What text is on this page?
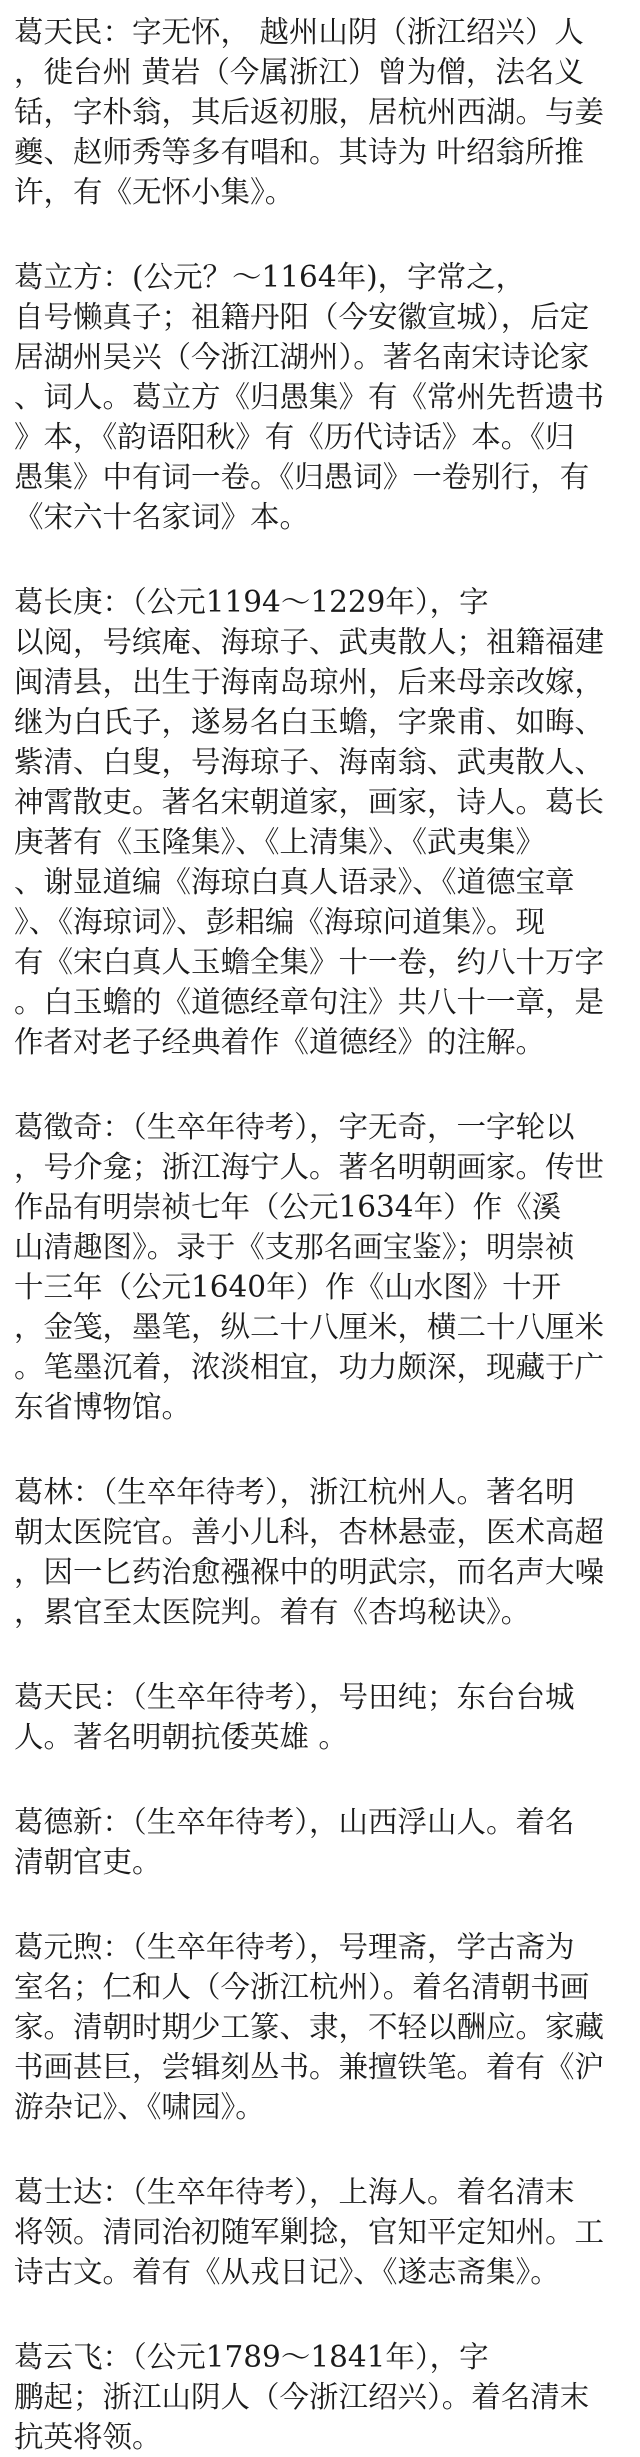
葛天民：字无怀， 越州山阴（浙江绍兴）人
，徙台州 黄岩（今属浙江）曾为僧，法名义
铦，字朴翁，其后返初服，居杭州西湖。与姜
夔、赵师秀等多有唱和。其诗为 叶绍翁所推
许，有《无怀小集》。
葛立方：(公元？～1164年)，字常之，
自号懒真子；祖籍丹阳（今安徽宣城），后定
居湖州吴兴（今浙江湖州）。著名南宋诗论家
、词人。葛立方《归愚集》有《常州先哲遗书
》本，《韵语阳秋》有《历代诗话》本。《归
愚集》中有词一卷。《归愚词》一卷别行，有
《宋六十名家词》本。
葛长庚：（公元1194～1229年），字
以阅，号缤庵、海琼子、武夷散人；祖籍福建
闽清县，出生于海南岛琼州，后来母亲改嫁，
继为白氏子，遂易名白玉蟾，字衆甫、如晦、
紫清、白叟，号海琼子、海南翁、武夷散人、
神霄散吏。著名宋朝道家，画家，诗人。葛长
庚著有《玉隆集》、《上清集》、《武夷集》
、谢显道编《海琼白真人语录》、《道德宝章
》、《海琼词》、彭耜编《海琼问道集》。现
有《宋白真人玉蟾全集》十一卷，约八十万字
。白玉蟾的《道德经章句注》共八十一章，是
作者对老子经典着作《道德经》的注解。
葛徵奇：（生卒年待考），字无奇，一字轮以
，号介龛；浙江海宁人。著名明朝画家。传世
作品有明崇祯七年（公元1634年）作《溪
山清趣图》。录于《支那名画宝鉴》；明崇祯
十三年（公元1640年）作《山水图》十开
，金笺，墨笔，纵二十八厘米，横二十八厘米
。笔墨沉着，浓淡相宜，功力颇深，现藏于广
东省博物馆。
葛林：（生卒年待考），浙江杭州人。著名明
朝太医院官。善小儿科，杏林悬壶，医术高超
，因一匕药治愈襁褓中的明武宗，而名声大噪
，累官至太医院判。着有《杏坞秘诀》。
葛天民：（生卒年待考），号田纯；东台台城
人。著名明朝抗倭英雄 。
葛德新：（生卒年待考），山西浮山人。着名
清朝官吏。
葛元煦：（生卒年待考），号理斋，学古斋为
室名；仁和人（今浙江杭州）。着名清朝书画
家。清朝时期少工篆、隶，不轻以酬应。家藏
书画甚巨，尝辑刻丛书。兼擅铁笔。着有《沪
游杂记》、《啸园》。
葛士达：（生卒年待考），上海人。着名清末
将领。清同治初随军剿捻，官知平定知州。工
诗古文。着有《从戎日记》、《遂志斋集》。
葛云飞：（公元1789～1841年），字
鹏起；浙江山阴人（今浙江绍兴）。着名清末
抗英将领。
